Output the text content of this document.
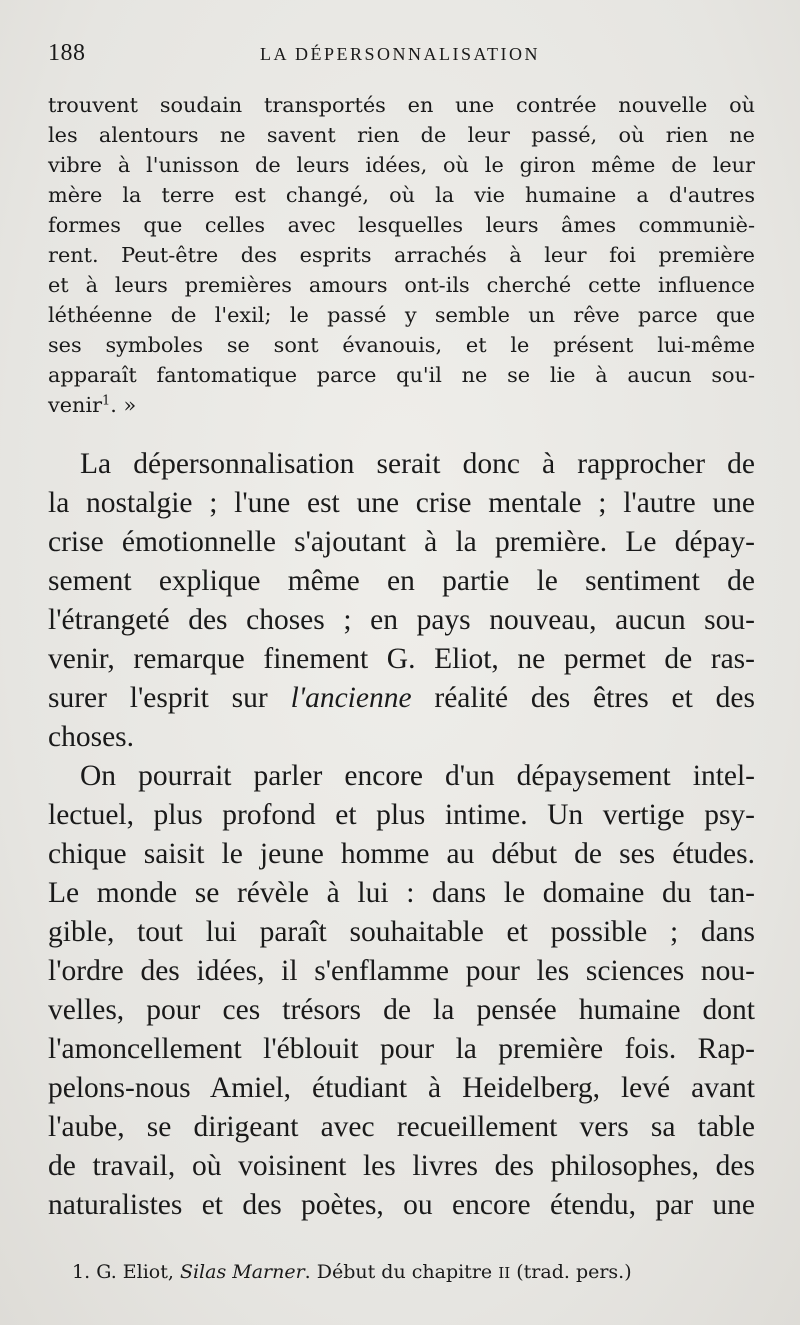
188	LA DÉPERSONNALISATION
trouvent soudain transportés en une contrée nouvelle où
les alentours ne savent rien de leur passé, où rien ne
vibre à l'unisson de leurs idées, où le giron même de leur
mère la terre est changé, où la vie humaine a d'autres
formes que celles avec lesquelles leurs âmes communiè-
rent. Peut-être des esprits arrachés à leur foi première
et à leurs premières amours ont-ils cherché cette influence
léthéenne de l'exil; le passé y semble un rêve parce que
ses symboles se sont évanouis, et le présent lui-même
apparaît fantomatique parce qu'il ne se lie à aucun sou-
venir$^1$. »
La dépersonnalisation serait donc à rapprocher de
la nostalgie ; l'une est une crise mentale ; l'autre une
crise émotionnelle s'ajoutant à la première. Le dépay-
sement explique même en partie le sentiment de
l'étrangeté des choses ; en pays nouveau, aucun sou-
venir, remarque finement G. Eliot, ne permet de ras-
surer l'esprit sur l'ancienne réalité des êtres et des
choses.
On pourrait parler encore d'un dépaysement intel-
lectuel, plus profond et plus intime. Un vertige psy-
chique saisit le jeune homme au début de ses études.
Le monde se révèle à lui : dans le domaine du tan-
gible, tout lui paraît souhaitable et possible ; dans
l'ordre des idées, il s'enflamme pour les sciences nou-
velles, pour ces trésors de la pensée humaine dont
l'amoncellement l'éblouit pour la première fois. Rap-
pelons-nous Amiel, étudiant à Heidelberg, levé avant
l'aube, se dirigeant avec recueillement vers sa table
de travail, où voisinent les livres des philosophes, des
naturalistes et des poètes, ou encore étendu, par une
1. G. Eliot, Silas Marner. Début du chapitre II (trad. pers.)
